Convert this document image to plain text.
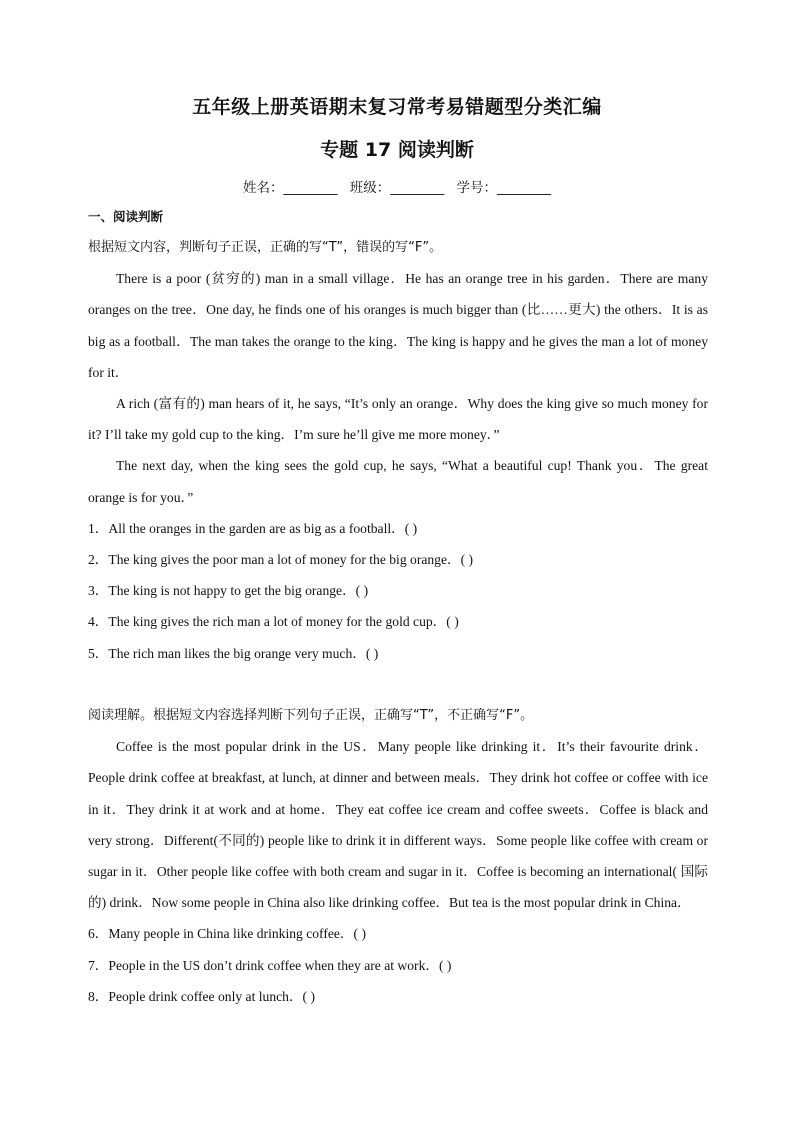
五年级上册英语期末复习常考易错题型分类汇编
专题 17 阅读判断
姓名：________ 班级：________ 学号：________
一、阅读判断

根据短文内容，判断句子正误，正确的写“T”，错误的写“F”。

There is a poor (贫穷的) man in a small village．He has an orange tree in his garden．There are many oranges on the tree．One day, he finds one of his oranges is much bigger than (比……更大) the others．It is as big as a football．The man takes the orange to the king．The king is happy and he gives the man a lot of money for it．

A rich (富有的) man hears of it, he says, “It’s only an orange．Why does the king give so much money for it? I’ll take my gold cup to the king．I’m sure he’ll give me more money．”

The next day, when the king sees the gold cup, he says, “What a beautiful cup! Thank you．The great orange is for you．”

1．All the oranges in the garden are as big as a football．( )

2．The king gives the poor man a lot of money for the big orange．( )

3．The king is not happy to get the big orange．( )

4．The king gives the rich man a lot of money for the gold cup．( )

5．The rich man likes the big orange very much．( )

阅读理解。根据短文内容选择判断下列句子正误，正确写“T”，不正确写“F”。

Coffee is the most popular drink in the US．Many people like drinking it．It’s their favourite drink．People drink coffee at breakfast, at lunch, at dinner and between meals．They drink hot coffee or coffee with ice in it．They drink it at work and at home．They eat coffee ice cream and coffee sweets．Coffee is black and very strong．Different(不同的) people like to drink it in different ways．Some people like coffee with cream or sugar in it．Other people like coffee with both cream and sugar in it．Coffee is becoming an international( 国际的) drink．Now some people in China also like drinking coffee．But tea is the most popular drink in China．

6．Many people in China like drinking coffee．( )

7．People in the US don’t drink coffee when they are at work．( )

8．People drink coffee only at lunch．( )
